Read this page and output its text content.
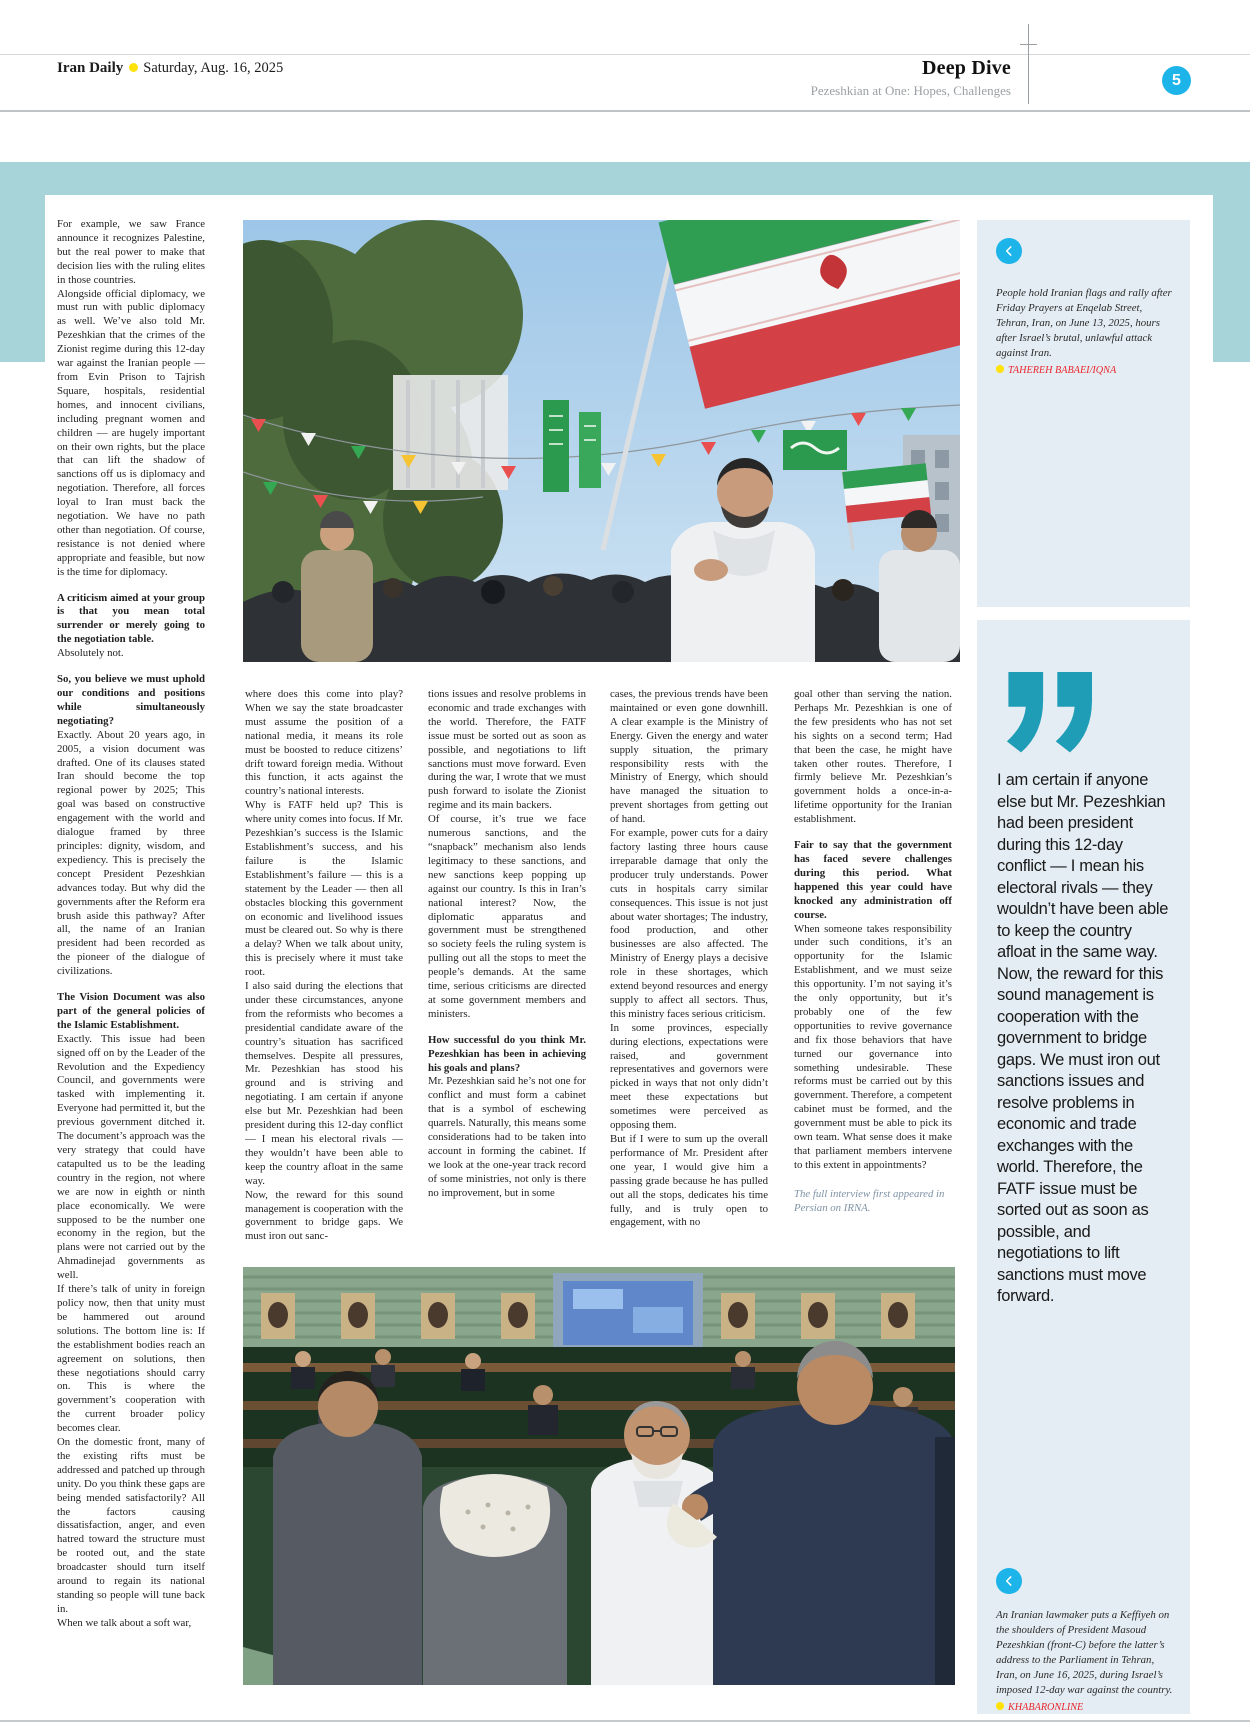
Iran Daily Saturday, Aug. 16, 2025	Deep Dive
Pezeshkian at One: Hopes, Challenges
5

People hold Iranian flags and rally after Friday Prayers at Enqelab Street, Tehran, Iran, on June 13, 2025, hours after Israel’s brutal, unlawful attack against Iran.

TAHEREH BABAEI/IQNA

For example, we saw France announce it recognizes Palestine, but the real power to make that decision lies with the ruling elites in those countries.

Alongside official diplomacy, we must run with public diplomacy as well. We’ve also told Mr. Pezeshkian that the crimes of the Zionist regime during this 12-day war against the Iranian people — from Evin Prison to Tajrish Square, hospitals, residential homes, and innocent civilians, including pregnant women and children — are hugely important on their own rights, but the place that can lift the shadow of sanctions off us is diplomacy and negotiation. Therefore, all forces loyal to Iran must back the negotiation. We have no path other than negotiation. Of course, resistance is not denied where appropriate and feasible, but now is the time for diplomacy.

A criticism aimed at your group is that you mean total surrender or merely going to the negotiation table.

Absolutely not.

So, you believe we must uphold our conditions and positions while simultaneously negotiating?

Exactly. About 20 years ago, in 2005, a vision document was drafted. One of its clauses stated Iran should become the top regional power by 2025; This goal was based on constructive engagement with the world and dialogue framed by three principles: dignity, wisdom, and expediency. This is precisely the concept President Pezeshkian advances today. But why did the governments after the Reform era brush aside this pathway? After all, the name of an Iranian president had been recorded as the pioneer of the dialogue of civilizations.

The Vision Document was also part of the general policies of the Islamic Establishment.

Exactly. This issue had been signed off on by the Leader of the Revolution and the Expediency Council, and governments were tasked with implementing it. Everyone had permitted it, but the previous government ditched it. The document’s approach was the very strategy that could have catapulted us to be the leading country in the region, not where we are now in eighth or ninth place economically. We were supposed to be the number one economy in the region, but the plans were not carried out by the Ahmadinejad governments as well.

If there’s talk of unity in foreign policy now, then that unity must be hammered out around solutions. The bottom line is: If the establishment bodies reach an agreement on solutions, then these negotiations should carry on. This is where the government’s cooperation with the current broader policy becomes clear.

On the domestic front, many of the existing rifts must be addressed and patched up through unity. Do you think these gaps are being mended satisfactorily? All the factors causing dissatisfaction, anger, and even hatred toward the structure must be rooted out, and the state broadcaster should turn itself around to regain its national standing so people will tune back in.

When we talk about a soft war,

where does this come into play? When we say the state broadcaster must assume the position of a national media, it means its role must be boosted to reduce citizens’ drift toward foreign media. Without this function, it acts against the country’s national interests.

Why is FATF held up? This is where unity comes into focus. If Mr. Pezeshkian’s success is the Islamic Establishment’s success, and his failure is the Islamic Establishment’s failure — this is a statement by the Leader — then all obstacles blocking this government on economic and livelihood issues must be cleared out. So why is there a delay? When we talk about unity, this is precisely where it must take root.

I also said during the elections that under these circumstances, anyone from the reformists who becomes a presidential candidate aware of the country’s situation has sacrificed themselves. Despite all pressures, Mr. Pezeshkian has stood his ground and is striving and negotiating. I am certain if anyone else but Mr. Pezeshkian had been president during this 12-day conflict — I mean his electoral rivals — they wouldn’t have been able to keep the country afloat in the same way.

Now, the reward for this sound management is cooperation with the government to bridge gaps. We must iron out sanc-

tions issues and resolve problems in economic and trade exchanges with the world. Therefore, the FATF issue must be sorted out as soon as possible, and negotiations to lift sanctions must move forward. Even during the war, I wrote that we must push forward to isolate the Zionist regime and its main backers.

Of course, it’s true we face numerous sanctions, and the “snapback” mechanism also lends legitimacy to these sanctions, and new sanctions keep popping up against our country. Is this in Iran’s national interest? Now, the diplomatic apparatus and government must be strengthened so society feels the ruling system is pulling out all the stops to meet the people’s demands. At the same time, serious criticisms are directed at some government members and ministers.

How successful do you think Mr. Pezeshkian has been in achieving his goals and plans?

Mr. Pezeshkian said he’s not one for conflict and must form a cabinet that is a symbol of eschewing quarrels. Naturally, this means some considerations had to be taken into account in forming the cabinet. If we look at the one-year track record of some ministries, not only is there no improvement, but in some

cases, the previous trends have been maintained or even gone downhill. A clear example is the Ministry of Energy. Given the energy and water supply situation, the primary responsibility rests with the Ministry of Energy, which should have managed the situation to prevent shortages from getting out of hand.

For example, power cuts for a dairy factory lasting three hours cause irreparable damage that only the producer truly understands. Power cuts in hospitals carry similar consequences. This issue is not just about water shortages; The industry, food production, and other businesses are also affected. The Ministry of Energy plays a decisive role in these shortages, which extend beyond resources and energy supply to affect all sectors. Thus, this ministry faces serious criticism.

In some provinces, especially during elections, expectations were raised, and government representatives and governors were picked in ways that not only didn’t meet these expectations but sometimes were perceived as opposing them.

But if I were to sum up the overall performance of Mr. President after one year, I would give him a passing grade because he has pulled out all the stops, dedicates his time fully, and is truly open to engagement, with no

goal other than serving the nation. Perhaps Mr. Pezeshkian is one of the few presidents who has not set his sights on a second term; Had that been the case, he might have taken other routes. Therefore, I firmly believe Mr. Pezeshkian’s government holds a once-in-a-lifetime opportunity for the Iranian establishment.

Fair to say that the government has faced severe challenges during this period. What happened this year could have knocked any administration off course.

When someone takes responsibility under such conditions, it’s an opportunity for the Islamic Establishment, and we must seize this opportunity. I’m not saying it’s the only opportunity, but it’s probably one of the few opportunities to revive governance and fix those behaviors that have turned our governance into something undesirable. These reforms must be carried out by this government. Therefore, a competent cabinet must be formed, and the government must be able to pick its own team. What sense does it make that parliament members intervene to this extent in appointments?

The full interview first appeared in Persian on IRNA.

I am certain if anyone else but Mr. Pezeshkian had been president during this 12-day conflict — I mean his electoral rivals — they wouldn’t have been able to keep the country afloat in the same way. Now, the reward for this sound management is cooperation with the government to bridge gaps. We must iron out sanctions issues and resolve problems in economic and trade exchanges with the world. Therefore, the FATF issue must be sorted out as soon as possible, and negotiations to lift sanctions must move forward.

An Iranian lawmaker puts a Keffiyeh on the shoulders of President Masoud Pezeshkian (front-C) before the latter’s address to the Parliament in Tehran, Iran, on June 16, 2025, during Israel’s imposed 12-day war against the country.

KHABARONLINE
